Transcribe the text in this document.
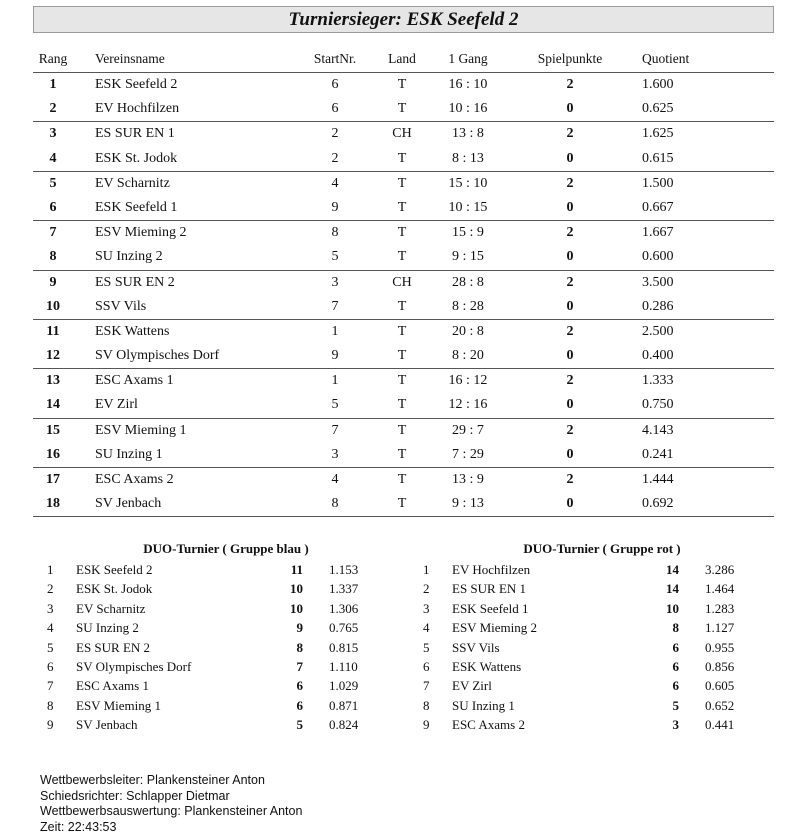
Turniersieger: ESK Seefeld 2
Rang	Vereinsname	StartNr.	Land	1 Gang	Spielpunkte	Quotient
1	ESK Seefeld 2	6	T	16 : 10	2	1.600
2	EV Hochfilzen	6	T	10 : 16	0	0.625
3	ES SUR EN 1	2	CH	13 : 8	2	1.625
4	ESK St. Jodok	2	T	8 : 13	0	0.615
5	EV Scharnitz	4	T	15 : 10	2	1.500
6	ESK Seefeld 1	9	T	10 : 15	0	0.667
7	ESV Mieming 2	8	T	15 : 9	2	1.667
8	SU Inzing 2	5	T	9 : 15	0	0.600
9	ES SUR EN 2	3	CH	28 : 8	2	3.500
10	SSV Vils	7	T	8 : 28	0	0.286
11	ESK Wattens	1	T	20 : 8	2	2.500
12	SV Olympisches Dorf	9	T	8 : 20	0	0.400
13	ESC Axams 1	1	T	16 : 12	2	1.333
14	EV Zirl	5	T	12 : 16	0	0.750
15	ESV Mieming 1	7	T	29 : 7	2	4.143
16	SU Inzing 1	3	T	7 : 29	0	0.241
17	ESC Axams 2	4	T	13 : 9	2	1.444
18	SV Jenbach	8	T	9 : 13	0	0.692
DUO-Turnier ( Gruppe blau )
1 ESK Seefeld 2	11 1.153
2 ESK St. Jodok	10 1.337
3 EV Scharnitz	10 1.306
4 SU Inzing 2	9 0.765
5 ES SUR EN 2	8 0.815
6 SV Olympisches Dorf	7 1.110
7 ESC Axams 1	6 1.029
8 ESV Mieming 1	6 0.871
9 SV Jenbach	5 0.824
DUO-Turnier ( Gruppe rot )
1 EV Hochfilzen	14 3.286
2 ES SUR EN 1	14 1.464
3 ESK Seefeld 1	10 1.283
4 ESV Mieming 2	8 1.127
5 SSV Vils	6 0.955
6 ESK Wattens	6 0.856
7 EV Zirl	6 0.605
8 SU Inzing 1	5 0.652
9 ESC Axams 2	3 0.441
Wettbewerbsleiter: Plankensteiner Anton
Schiedsrichter: Schlapper Dietmar
Wettbewerbsauswertung: Plankensteiner Anton
Zeit: 22:43:53
